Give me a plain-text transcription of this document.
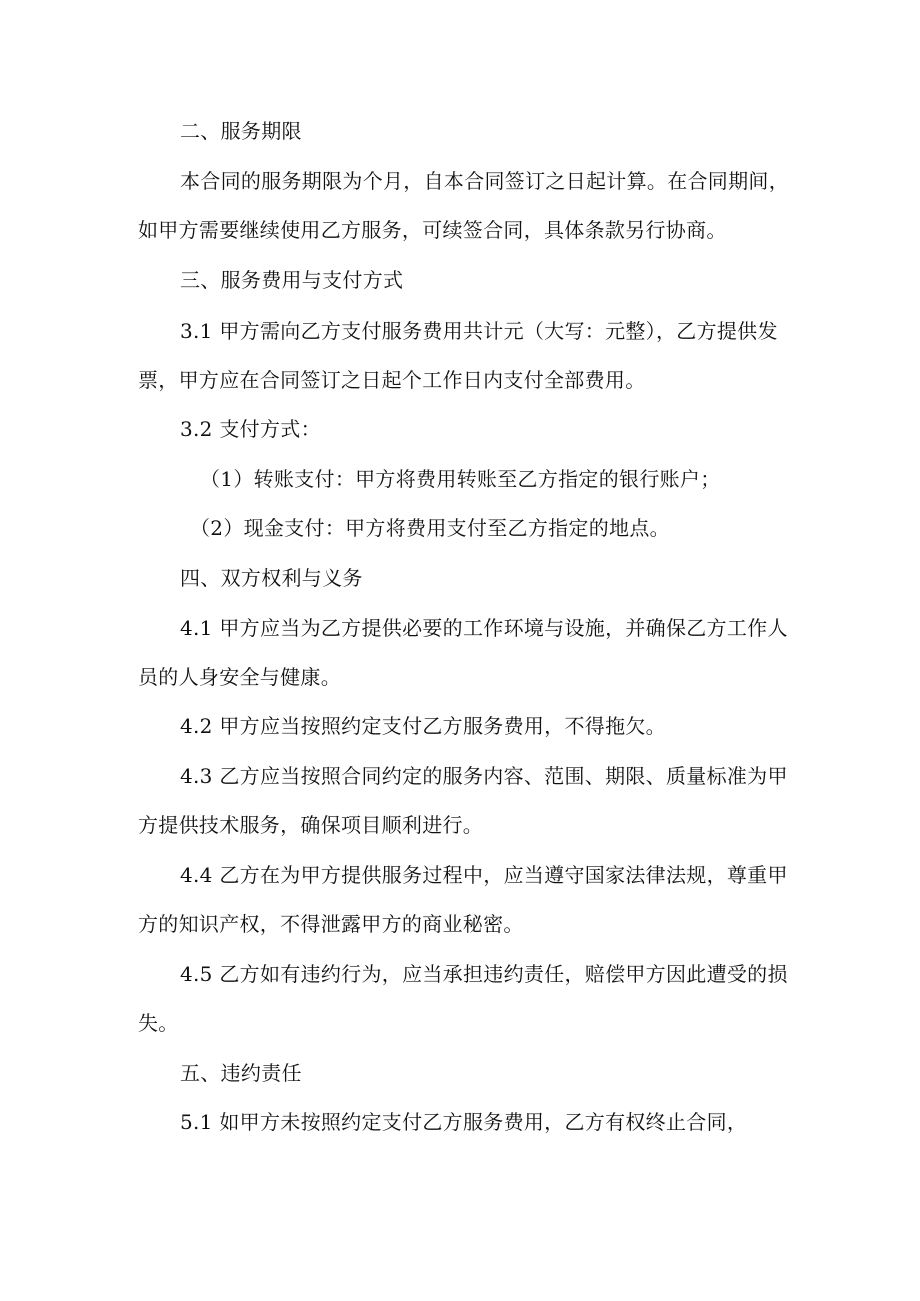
二、服务期限
本合同的服务期限为个月，自本合同签订之日起计算。在合同期间，
如甲方需要继续使用乙方服务，可续签合同，具体条款另行协商。
三、服务费用与支付方式
3.1 甲方需向乙方支付服务费用共计元（大写：元整），乙方提供发
票，甲方应在合同签订之日起个工作日内支付全部费用。
3.2 支付方式：
（1）转账支付：甲方将费用转账至乙方指定的银行账户；
（2）现金支付：甲方将费用支付至乙方指定的地点。
四、双方权利与义务
4.1 甲方应当为乙方提供必要的工作环境与设施，并确保乙方工作人
员的人身安全与健康。
4.2 甲方应当按照约定支付乙方服务费用，不得拖欠。
4.3 乙方应当按照合同约定的服务内容、范围、期限、质量标准为甲
方提供技术服务，确保项目顺利进行。
4.4 乙方在为甲方提供服务过程中，应当遵守国家法律法规，尊重甲
方的知识产权，不得泄露甲方的商业秘密。
4.5 乙方如有违约行为，应当承担违约责任，赔偿甲方因此遭受的损
失。
五、违约责任
5.1 如甲方未按照约定支付乙方服务费用，乙方有权终止合同，
